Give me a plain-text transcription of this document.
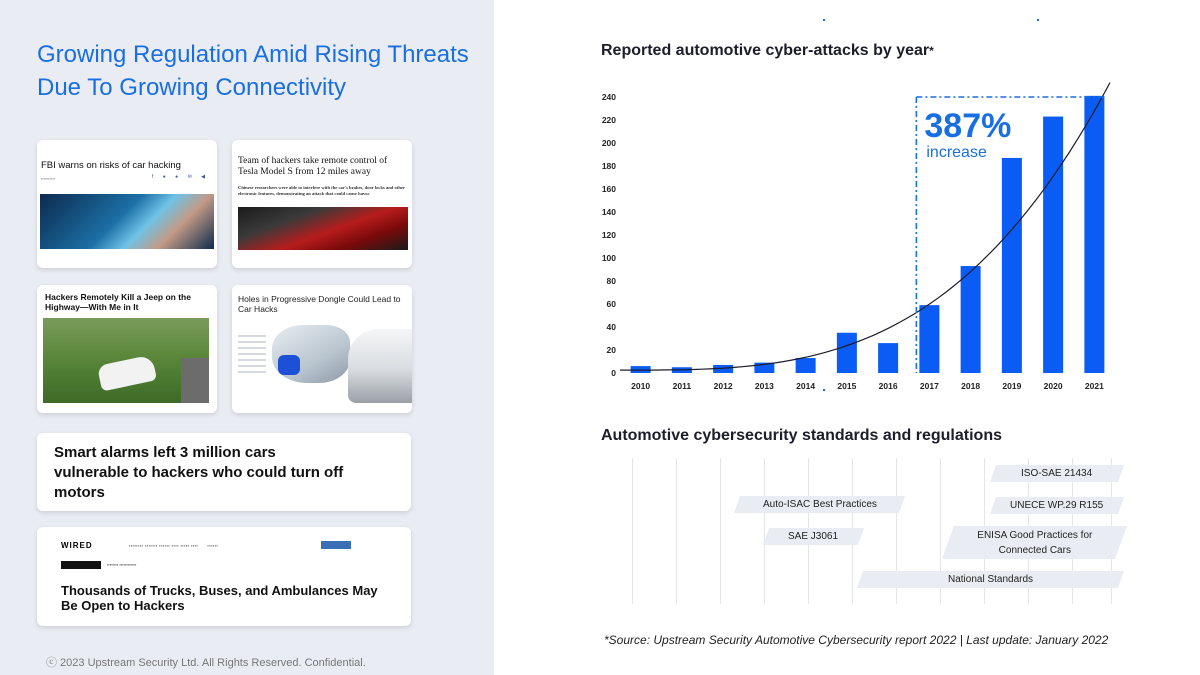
Growing Regulation Amid Rising Threats Due To Growing Connectivity
FBI warns on risks of car hacking
▪▪▪▪▪▪▪▪▪▪	f ● ● ✉ ◀
Team of hackers take remote control of Tesla Model S from 12 miles away
Chinese researchers were able to interfere with the car's brakes, door locks and other electronic features, demonstrating an attack that could cause havoc
Hackers Remotely Kill a Jeep on the Highway—With Me in It
Holes in Progressive Dongle Could Lead to Car Hacks
Smart alarms left 3 million cars vulnerable to hackers who could turn off motors
WIRED	▪▪▪▪▪▪▪▪ ▪▪▪▪▪▪▪ ▪▪▪▪▪▪ ▪▪▪▪ ▪▪▪▪▪ ▪▪▪▪      ▪▪▪▪▪▪
▪▪▪▪▪▪▪▪ ▪▪▪▪▪▪▪▪▪▪▪▪
Thousands of Trucks, Buses, and Ambulances May Be Open to Hackers
ⓒ 2023 Upstream Security Ltd. All Rights Reserved. Confidential.
Reported automotive cyber-attacks by year*
0
20
40
60
80
100
120
140
160
180
200
220
240
2010	2011	2012	2013	2014	2015	2016	2017	2018	2019	2020	2021
387%
increase
Automotive cybersecurity standards and regulations
ISO-SAE 21434
Auto-ISAC Best Practices	UNECE WP.29 R155
SAE J3061	ENISA Good Practices for Connected Cars
National Standards
*Source: Upstream Security Automotive Cybersecurity report 2022 | Last update: January 2022
